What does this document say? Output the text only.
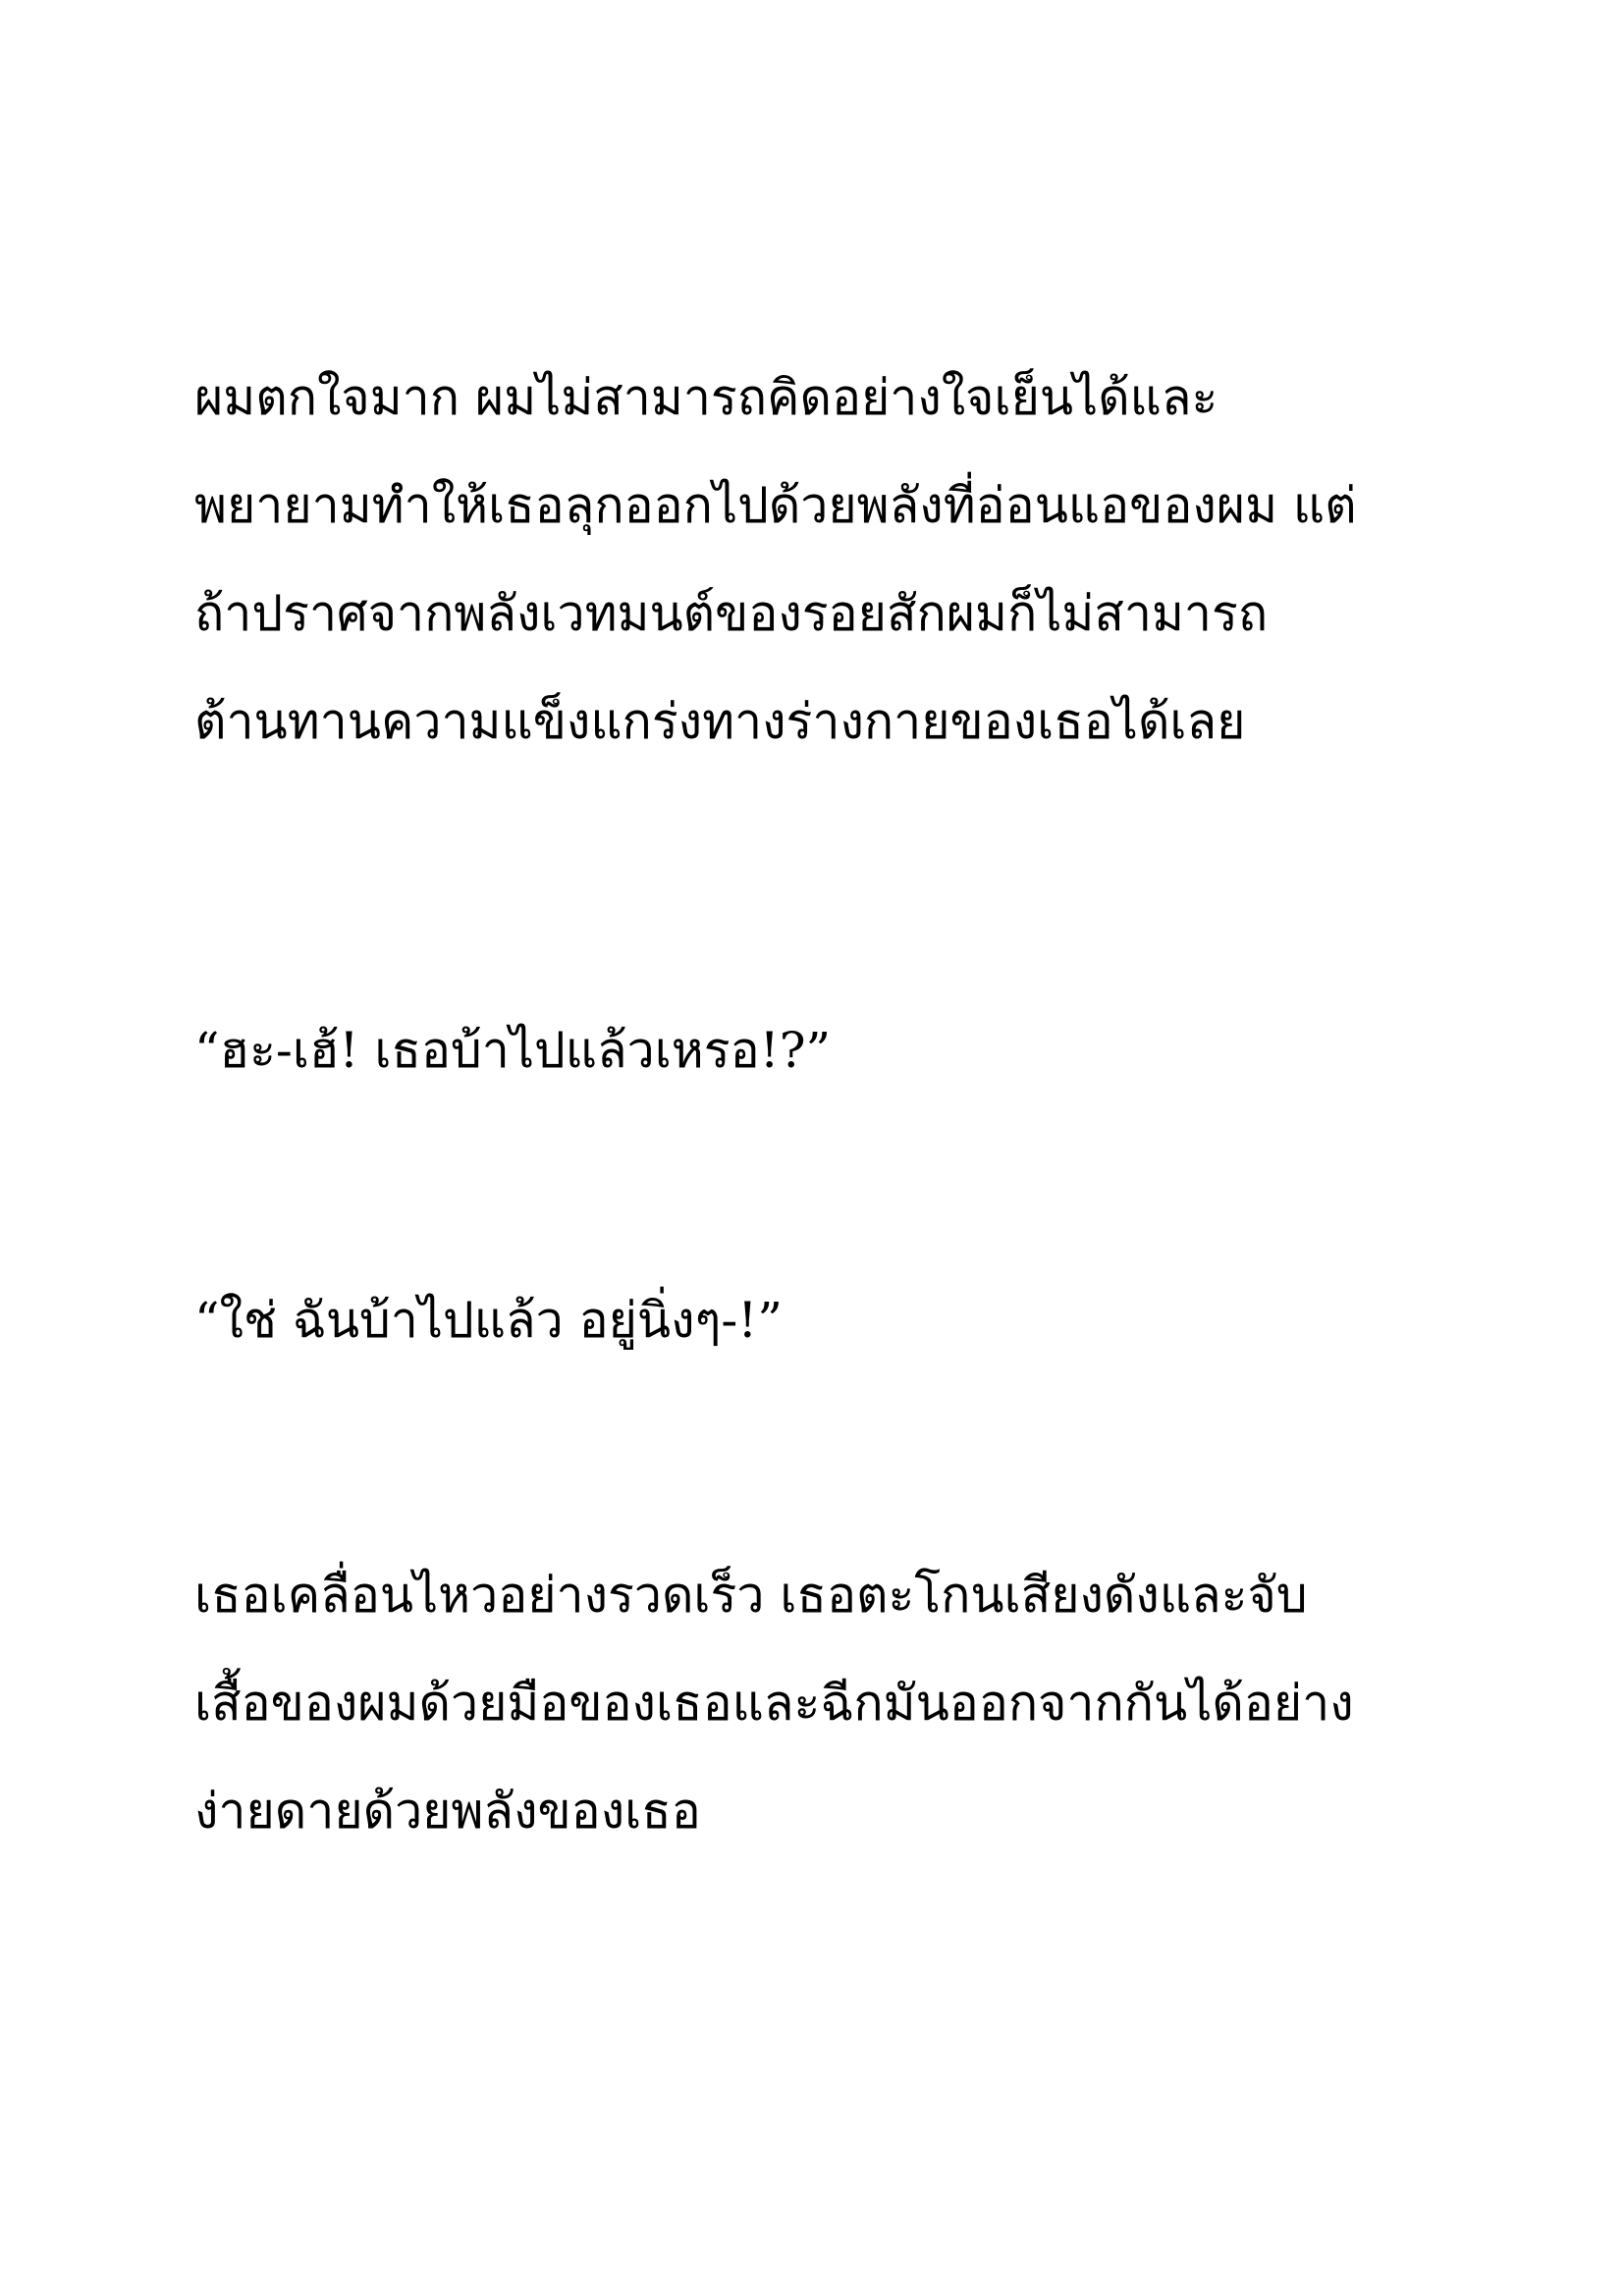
ผมตกใจมาก ผมไม่สามารถคิดอย่างใจเย็นได้และ
พยายามทำให้เธอลุกออกไปด้วยพลังที่อ่อนแอของผม แต่
ถ้าปราศจากพลังเวทมนต์ของรอยสักผมก็ไม่สามารถ
ต้านทานความแข็งแกร่งทางร่างกายของเธอได้เลย

“ฮะ-เฮ้! เธอบ้าไปแล้วเหรอ!?”

“ใช่ ฉันบ้าไปแล้ว อยู่นิ่งๆ-!”

เธอเคลื่อนไหวอย่างรวดเร็ว เธอตะโกนเสียงดังและจับ
เสื้อของผมด้วยมือของเธอและฉีกมันออกจากกันได้อย่าง
ง่ายดายด้วยพลังของเธอ
